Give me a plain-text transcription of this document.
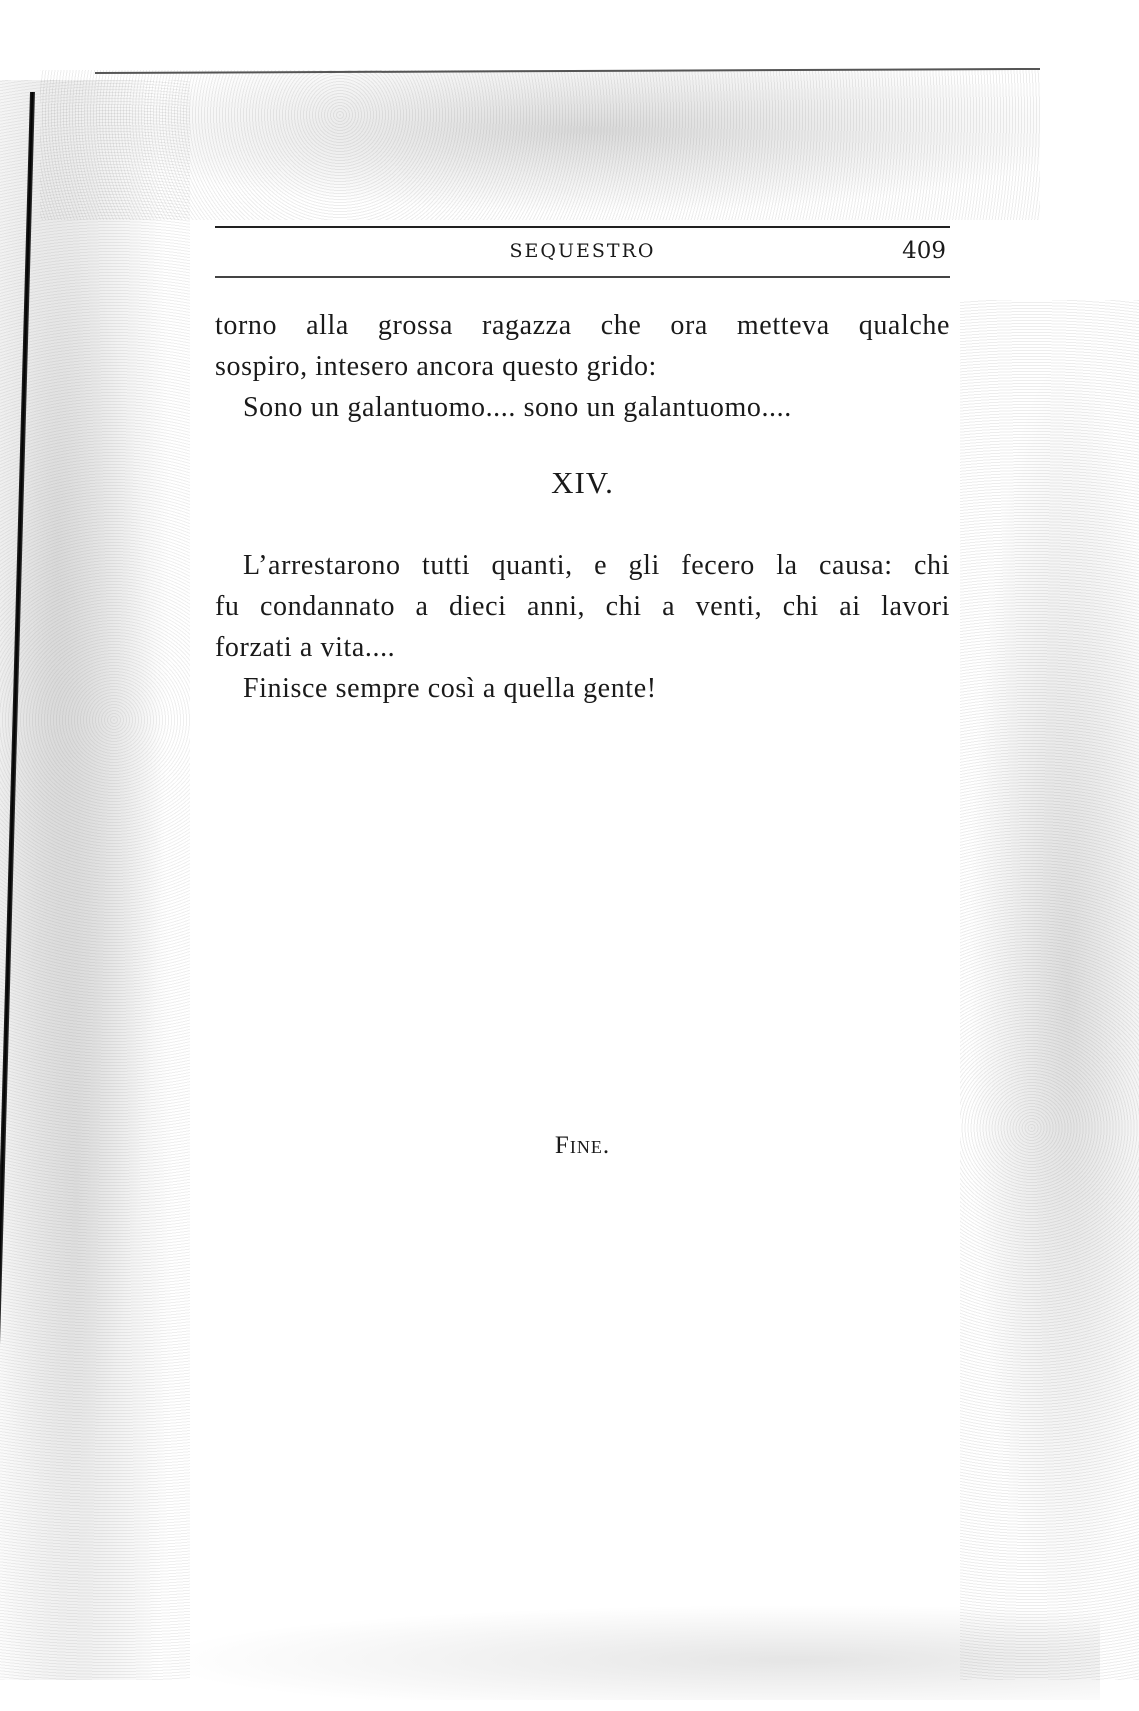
SEQUESTRO	409
torno alla grossa ragazza che ora metteva qualche
sospiro, intesero ancora questo grido:
Sono un galantuomo.... sono un galantuomo....
XIV.
L’arrestarono tutti quanti, e gli fecero la causa: chi
fu condannato a dieci anni, chi a venti, chi ai lavori
forzati a vita....
Finisce sempre così a quella gente!
Fine.
